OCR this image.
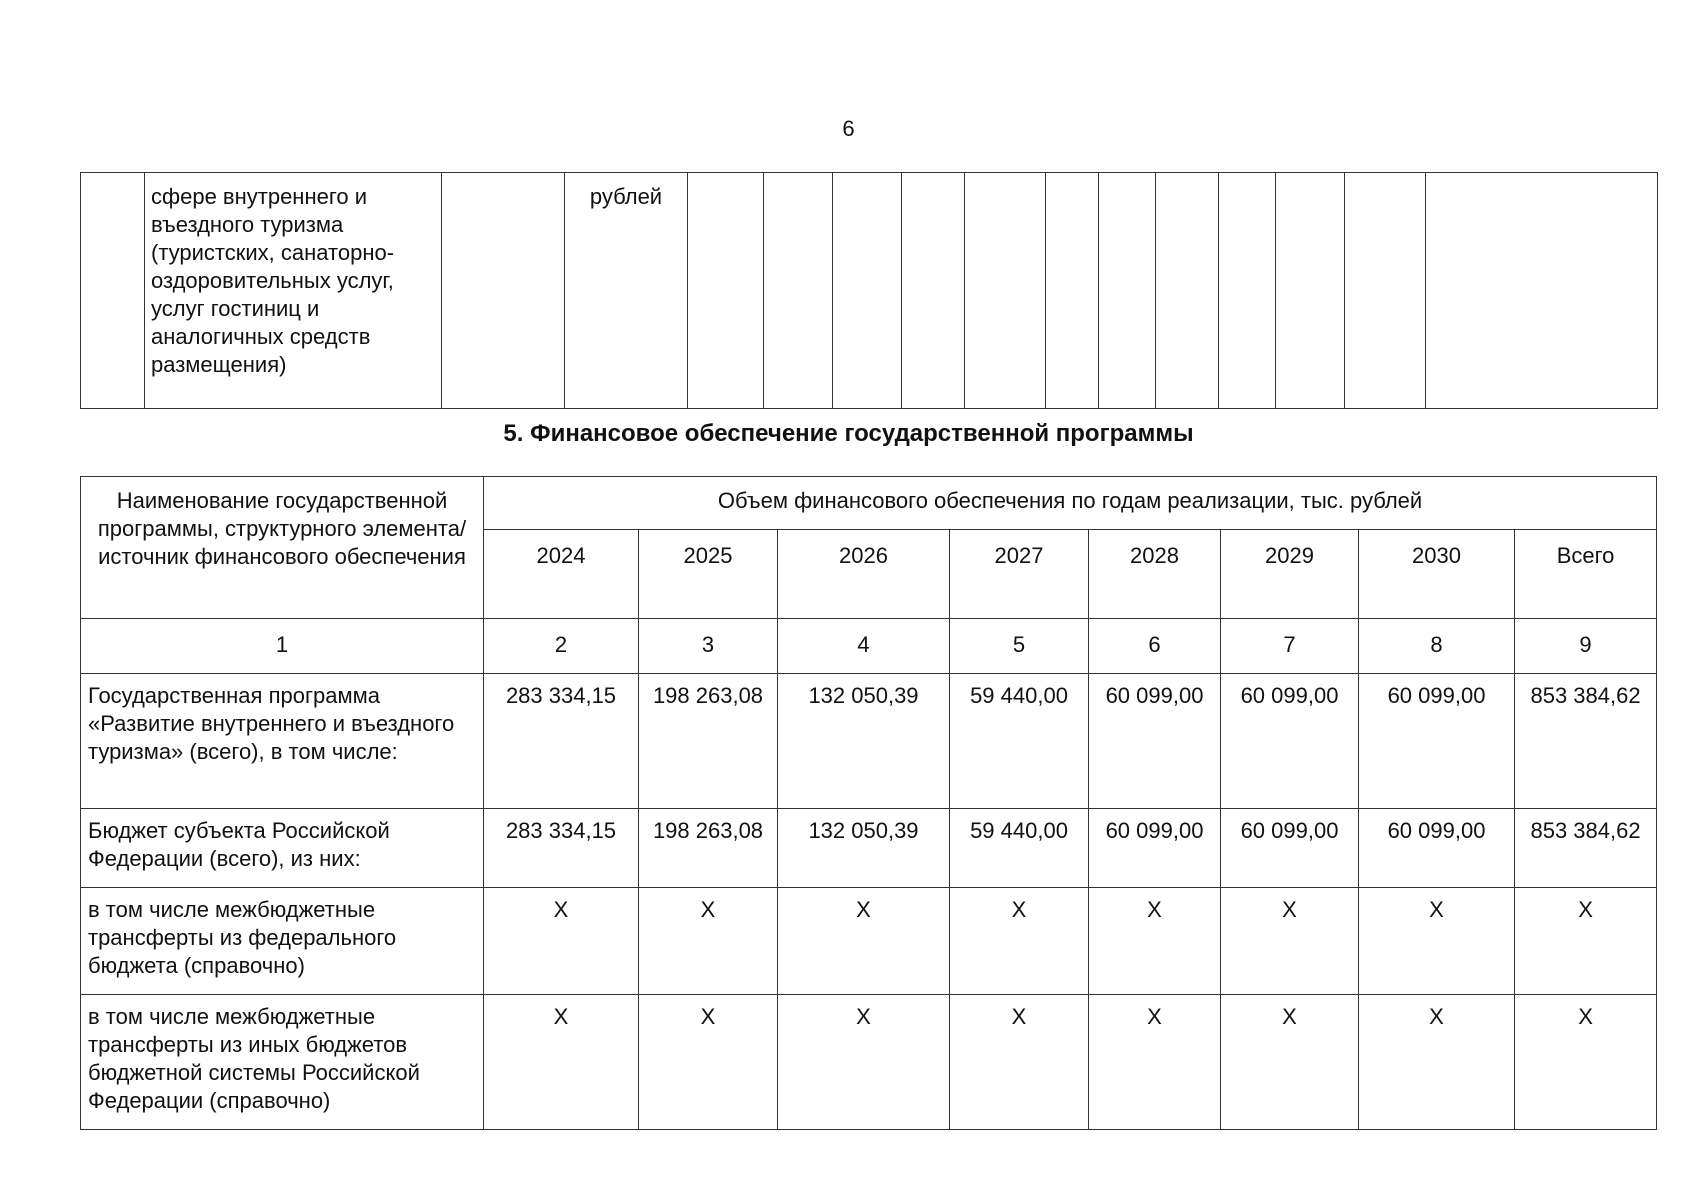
6
	сфере внутреннего и въездного туризма (туристских, санаторно-оздоровительных услуг, услуг гостиниц и аналогичных средств размещения)		рублей												
5. Финансовое обеспечение государственной программы
Наименование государственной программы, структурного элемента/источник финансового обеспечения	Объем финансового обеспечения по годам реализации, тыс. рублей							
	2024	2025	2026	2027	2028	2029	2030	Всего
1	2	3	4	5	6	7	8	9
Государственная программа «Развитие внутреннего и въездного туризма» (всего), в том числе:	283 334,15	198 263,08	132 050,39	59 440,00	60 099,00	60 099,00	60 099,00	853 384,62
Бюджет субъекта Российской Федерации (всего), из них:	283 334,15	198 263,08	132 050,39	59 440,00	60 099,00	60 099,00	60 099,00	853 384,62
в том числе межбюджетные трансферты из федерального бюджета (справочно)	Х	Х	Х	Х	Х	Х	Х	Х
в том числе межбюджетные трансферты из иных бюджетов бюджетной системы Российской Федерации (справочно)	Х	Х	Х	Х	Х	Х	Х	Х
